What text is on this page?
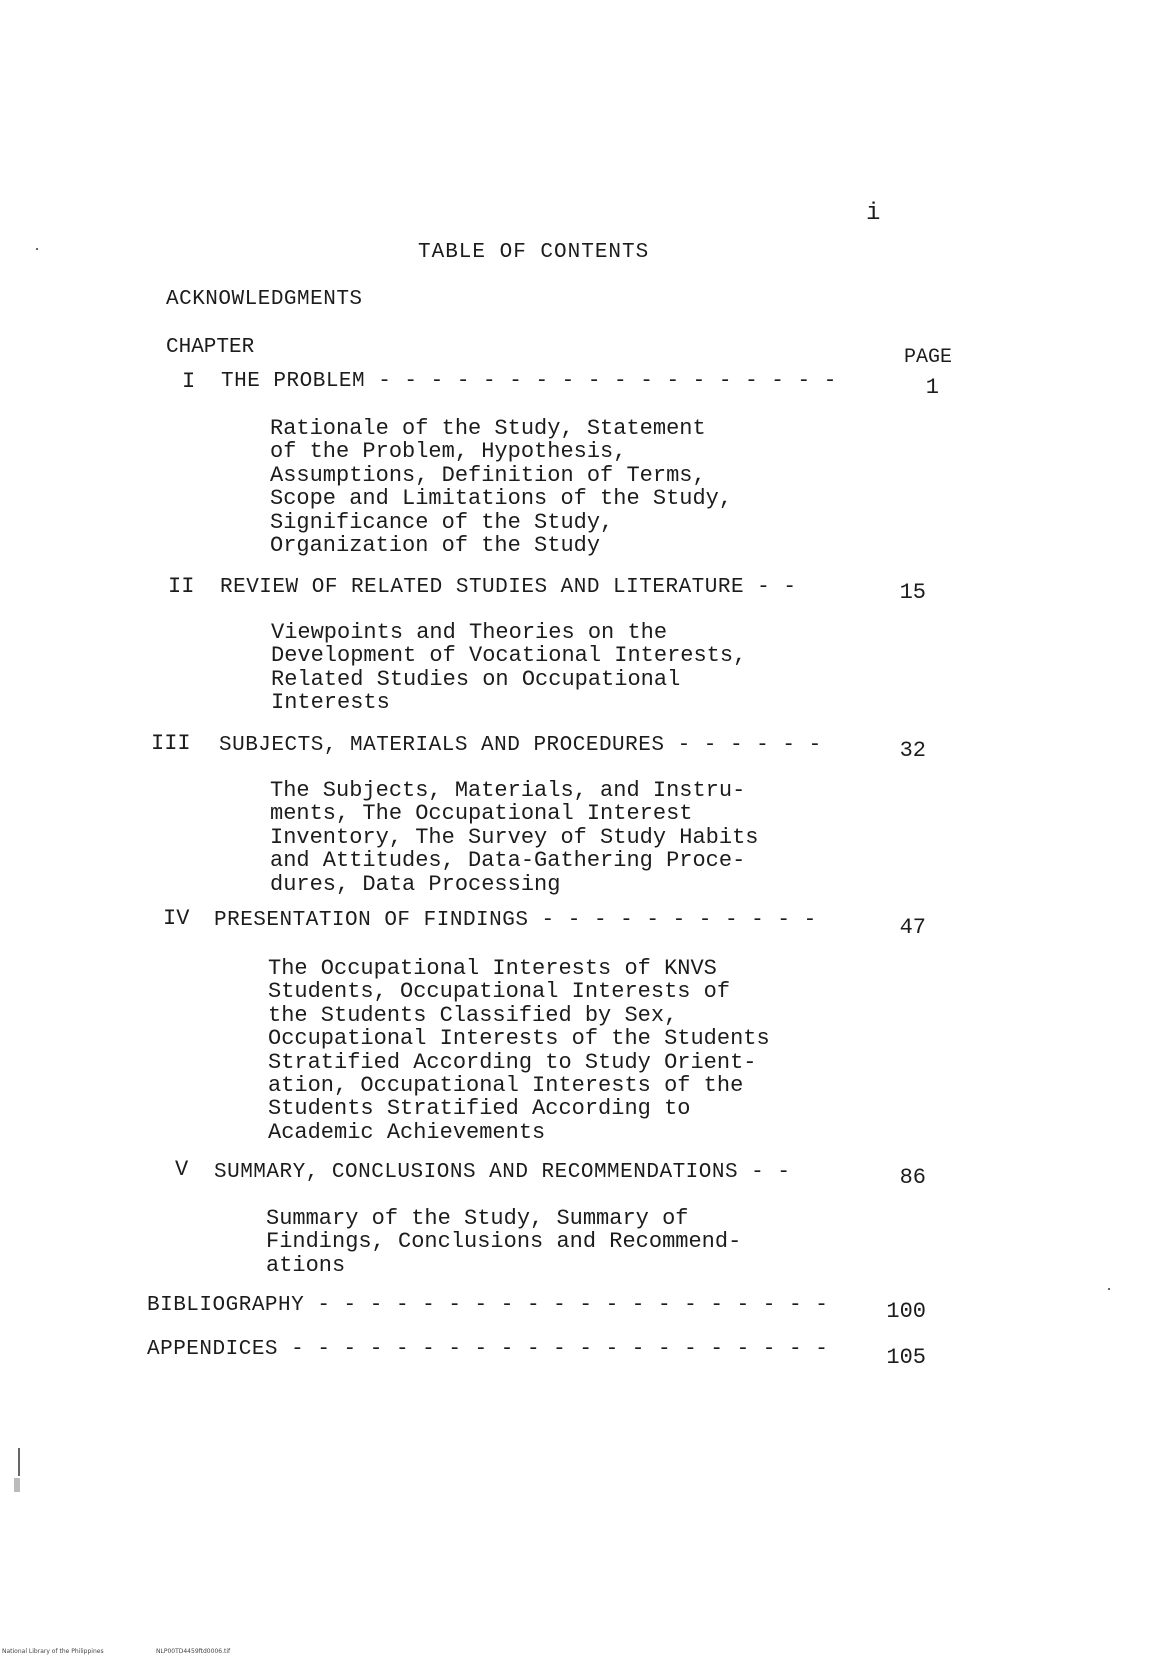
i
TABLE OF CONTENTS
ACKNOWLEDGMENTS
CHAPTER	PAGE
I THE PROBLEM - - - - - - - - - - - - - - - - - -	1
Rationale of the Study, Statement
of the Problem, Hypothesis,
Assumptions, Definition of Terms,
Scope and Limitations of the Study,
Significance of the Study,
Organization of the Study
II REVIEW OF RELATED STUDIES AND LITERATURE - -	15
Viewpoints and Theories on the
Development of Vocational Interests,
Related Studies on Occupational
Interests
III SUBJECTS, MATERIALS AND PROCEDURES - - - - - -	32
The Subjects, Materials, and Instru-
ments, The Occupational Interest
Inventory, The Survey of Study Habits
and Attitudes, Data-Gathering Proce-
dures, Data Processing
IV PRESENTATION OF FINDINGS - - - - - - - - - - -	47
The Occupational Interests of KNVS
Students, Occupational Interests of
the Students Classified by Sex,
Occupational Interests of the Students
Stratified According to Study Orient-
ation, Occupational Interests of the
Students Stratified According to
Academic Achievements
V SUMMARY, CONCLUSIONS AND RECOMMENDATIONS - -	86
Summary of the Study, Summary of
Findings, Conclusions and Recommend-
ations
BIBLIOGRAPHY - - - - - - - - - - - - - - - - - - - -	100
APPENDICES - - - - - - - - - - - - - - - - - - - - -	105
National Library of the Philippines	NLP00TD4459ftd0006.tif
